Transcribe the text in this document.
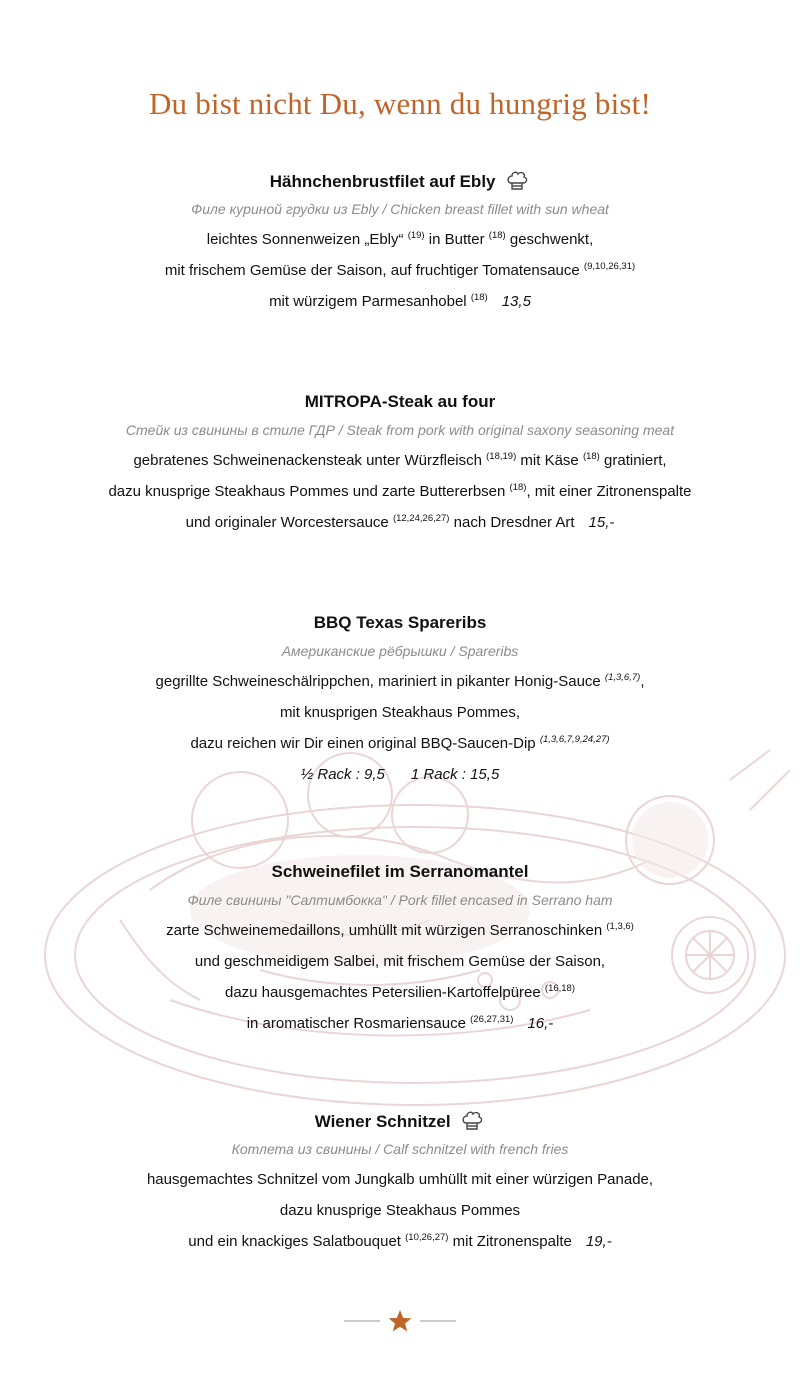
Du bist nicht Du, wenn du hungrig bist!
Hähnchenbrustfilet auf Ebly
Филе куриной грудки из Ebly / Chicken breast fillet with sun wheat
leichtes Sonnenweizen „Ebly“ $^{(19)}$ in Butter $^{(18)}$ geschwenkt,
mit frischem Gemüse der Saison, auf fruchtiger Tomatensauce $^{(9,10,26,31)}$
mit würzigem Parmesanhobel $^{(18)}$ 13,5
MITROPA-Steak au four
Стейк из свинины в стиле ГДР / Steak from pork with original saxony seasoning meat
gebratenes Schweinenackensteak unter Würzfleisch $^{(18,19)}$ mit Käse $^{(18)}$ gratiniert,
dazu knusprige Steakhaus Pommes und zarte Buttererbsen $^{(18)}$, mit einer Zitronenspalte
und originaler Worcestersauce $^{(12,24,26,27)}$ nach Dresdner Art 15,-
BBQ Texas Spareribs
Американские рёбрышки / Spareribs
gegrillte Schweineschälrippchen, mariniert in pikanter Honig-Sauce $^{(1,3,6,7)}$,
mit knusprigen Steakhaus Pommes,
dazu reichen wir Dir einen original BBQ-Saucen-Dip $^{(1,3,6,7,9,24,27)}$
½ Rack : 9,5 1 Rack : 15,5
Schweinefilet im Serranomantel
Филе свинины "Салтимбокка" / Pork fillet encased in Serrano ham
zarte Schweinemedaillons, umhüllt mit würzigen Serranoschinken $^{(1,3,6)}$
und geschmeidigem Salbei, mit frischem Gemüse der Saison,
dazu hausgemachtes Petersilien-Kartoffelpüree $^{(16,18)}$
in aromatischer Rosmariensauce $^{(26,27,31)}$ 16,-
Wiener Schnitzel
Котлета из свинины / Calf schnitzel with french fries
hausgemachtes Schnitzel vom Jungkalb umhüllt mit einer würzigen Panade,
dazu knusprige Steakhaus Pommes
und ein knackiges Salatbouquet $^{(10,26,27)}$ mit Zitronenspalte 19,-
